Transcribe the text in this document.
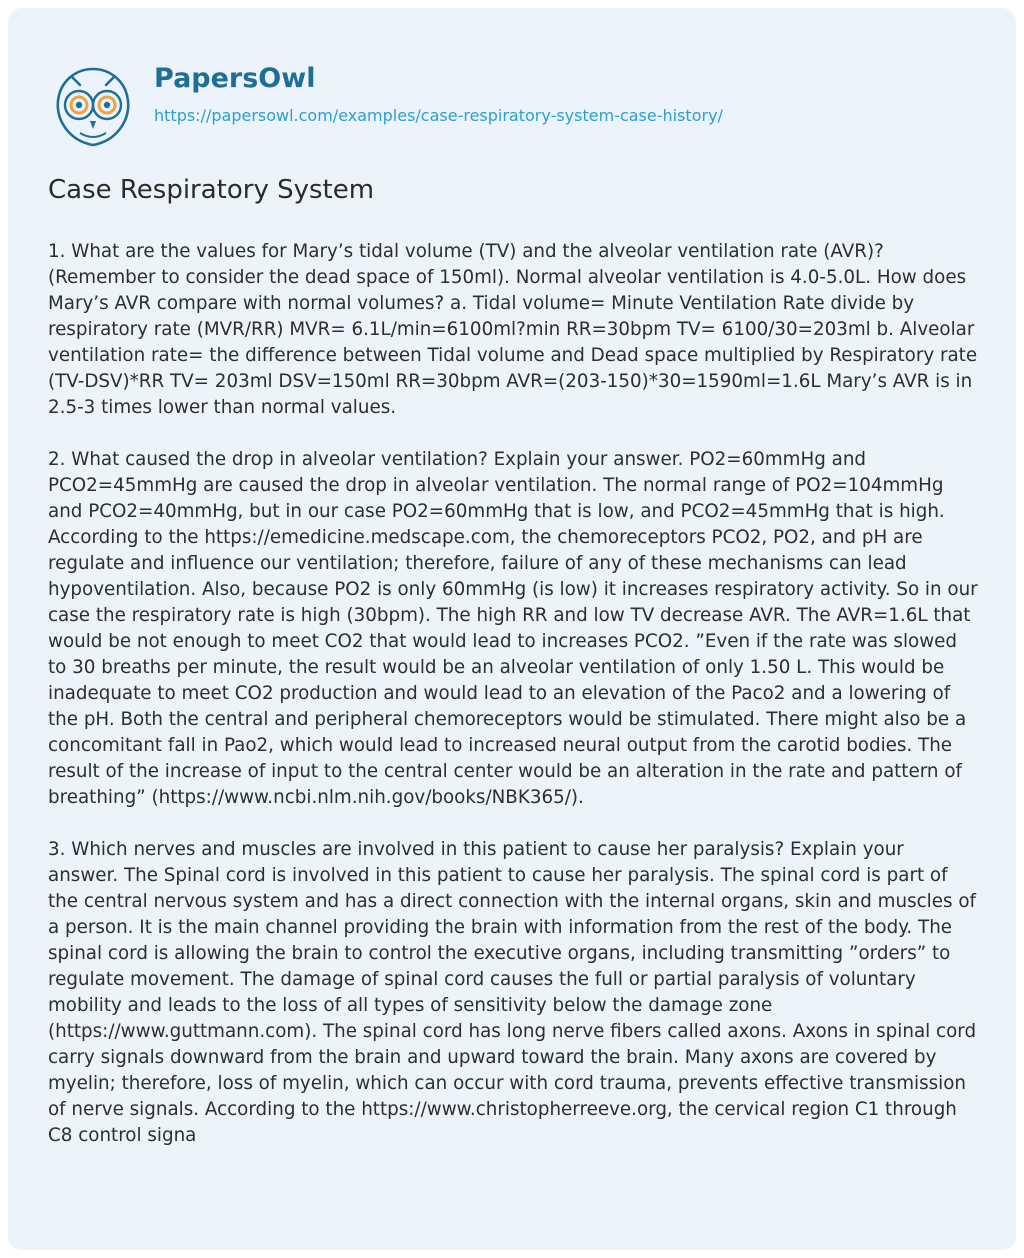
PapersOwl
https://papersowl.com/examples/case-respiratory-system-case-history/
Case Respiratory System

1. What are the values for Mary’s tidal volume (TV) and the alveolar ventilation rate (AVR)? (Remember to consider the dead space of 150ml). Normal alveolar ventilation is 4.0-5.0L. How does Mary’s AVR compare with normal volumes? a. Tidal volume= Minute Ventilation Rate divide by respiratory rate (MVR/RR) MVR= 6.1L/min=6100ml?min RR=30bpm TV= 6100/30=203ml b. Alveolar ventilation rate= the difference between Tidal volume and Dead space multiplied by Respiratory rate (TV-DSV)*RR TV= 203ml DSV=150ml RR=30bpm AVR=(203-150)*30=1590ml=1.6L Mary’s AVR is in 2.5-3 times lower than normal values.

2. What caused the drop in alveolar ventilation? Explain your answer. PO2=60mmHg and PCO2=45mmHg are caused the drop in alveolar ventilation. The normal range of PO2=104mmHg and PCO2=40mmHg, but in our case PO2=60mmHg that is low, and PCO2=45mmHg that is high. According to the https://emedicine.medscape.com, the chemoreceptors PCO2, PO2, and pH are regulate and influence our ventilation; therefore, failure of any of these mechanisms can lead hypoventilation. Also, because PO2 is only 60mmHg (is low) it increases respiratory activity. So in our case the respiratory rate is high (30bpm). The high RR and low TV decrease AVR. The AVR=1.6L that would be not enough to meet CO2 that would lead to increases PCO2. ”Even if the rate was slowed to 30 breaths per minute, the result would be an alveolar ventilation of only 1.50 L. This would be inadequate to meet CO2 production and would lead to an elevation of the Paco2 and a lowering of the pH. Both the central and peripheral chemoreceptors would be stimulated. There might also be a concomitant fall in Pao2, which would lead to increased neural output from the carotid bodies. The result of the increase of input to the central center would be an alteration in the rate and pattern of breathing” (https://www.ncbi.nlm.nih.gov/books/NBK365/).

3. Which nerves and muscles are involved in this patient to cause her paralysis? Explain your answer. The Spinal cord is involved in this patient to cause her paralysis. The spinal cord is part of the central nervous system and has a direct connection with the internal organs, skin and muscles of a person. It is the main channel providing the brain with information from the rest of the body. The spinal cord is allowing the brain to control the executive organs, including transmitting ”orders” to regulate movement. The damage of spinal cord causes the full or partial paralysis of voluntary mobility and leads to the loss of all types of sensitivity below the damage zone (https://www.guttmann.com). The spinal cord has long nerve fibers called axons. Axons in spinal cord carry signals downward from the brain and upward toward the brain. Many axons are covered by myelin; therefore, loss of myelin, which can occur with cord trauma, prevents effective transmission of nerve signals. According to the https://www.christopherreeve.org, the cervical region C1 through C8 control signa
